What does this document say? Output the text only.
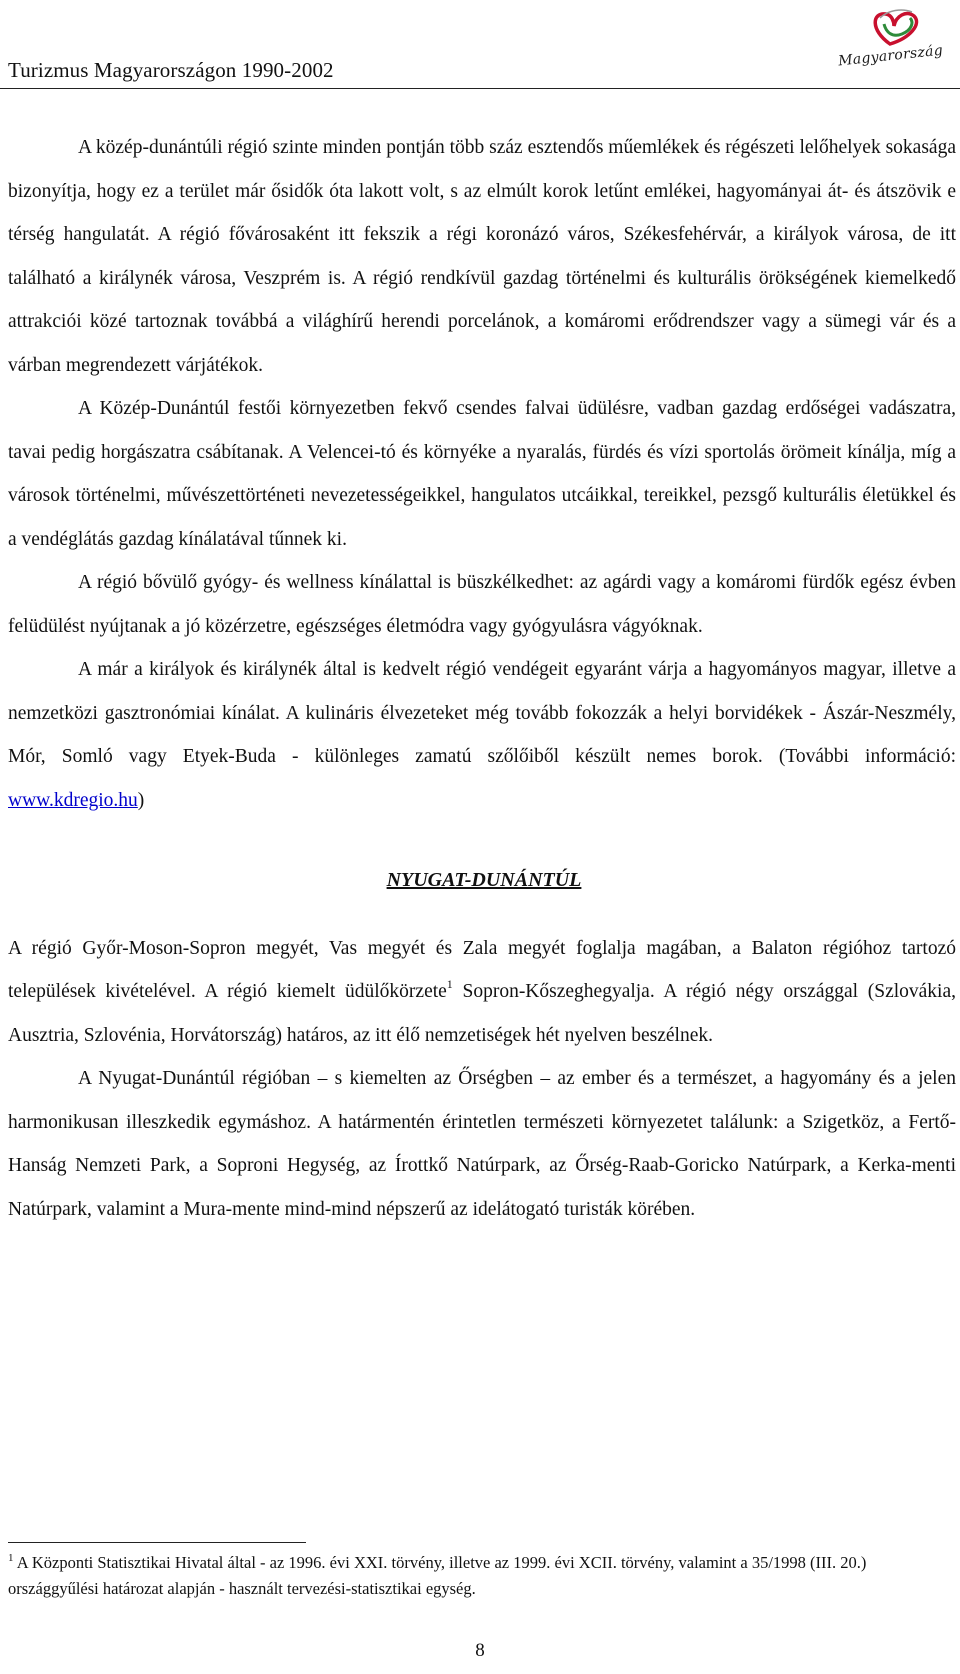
Turizmus Magyarországon 1990-2002
Magyarország

A közép-dunántúli régió szinte minden pontján több száz esztendős műemlékek és régészeti lelőhelyek sokasága bizonyítja, hogy ez a terület már ősidők óta lakott volt, s az elmúlt korok letűnt emlékei, hagyományai át- és átszövik e térség hangulatát. A régió fővárosaként itt fekszik a régi koronázó város, Székesfehérvár, a királyok városa, de itt található a királynék városa, Veszprém is. A régió rendkívül gazdag történelmi és kulturális örökségének kiemelkedő attrakciói közé tartoznak továbbá a világhírű herendi porcelánok, a komáromi erődrendszer vagy a sümegi vár és a várban megrendezett várjátékok.

A Közép-Dunántúl festői környezetben fekvő csendes falvai üdülésre, vadban gazdag erdőségei vadászatra, tavai pedig horgászatra csábítanak. A Velencei-tó és környéke a nyaralás, fürdés és vízi sportolás örömeit kínálja, míg a városok történelmi, művészettörténeti nevezetességeikkel, hangulatos utcáikkal, tereikkel, pezsgő kulturális életükkel és a vendéglátás gazdag kínálatával tűnnek ki.

A régió bővülő gyógy- és wellness kínálattal is büszkélkedhet: az agárdi vagy a komáromi fürdők egész évben felüdülést nyújtanak a jó közérzetre, egészséges életmódra vagy gyógyulásra vágyóknak.

A már a királyok és királynék által is kedvelt régió vendégeit egyaránt várja a hagyományos magyar, illetve a nemzetközi gasztronómiai kínálat. A kulináris élvezeteket még tovább fokozzák a helyi borvidékek - Ászár-Neszmély, Mór, Somló vagy Etyek-Buda - különleges zamatú szőlőiből készült nemes borok. (További információ: www.kdregio.hu)

NYUGAT-DUNÁNTÚL

A régió Győr-Moson-Sopron megyét, Vas megyét és Zala megyét foglalja magában, a Balaton régióhoz tartozó települések kivételével. A régió kiemelt üdülőkörzete$^1$ Sopron-Kőszeghegyalja. A régió négy országgal (Szlovákia, Ausztria, Szlovénia, Horvátország) határos, az itt élő nemzetiségek hét nyelven beszélnek.

A Nyugat-Dunántúl régióban – s kiemelten az Őrségben – az ember és a természet, a hagyomány és a jelen harmonikusan illeszkedik egymáshoz. A határmentén érintetlen természeti környezetet találunk: a Szigetköz, a Fertő-Hanság Nemzeti Park, a Soproni Hegység, az Írottkő Natúrpark, az Őrség-Raab-Goricko Natúrpark, a Kerka-menti Natúrpark, valamint a Mura-mente mind-mind népszerű az idelátogató turisták körében.

$^1$ A Központi Statisztikai Hivatal által - az 1996. évi XXI. törvény, illetve az 1999. évi XCII. törvény, valamint a 35/1998 (III. 20.) országgyűlési határozat alapján - használt tervezési-statisztikai egység.
8
